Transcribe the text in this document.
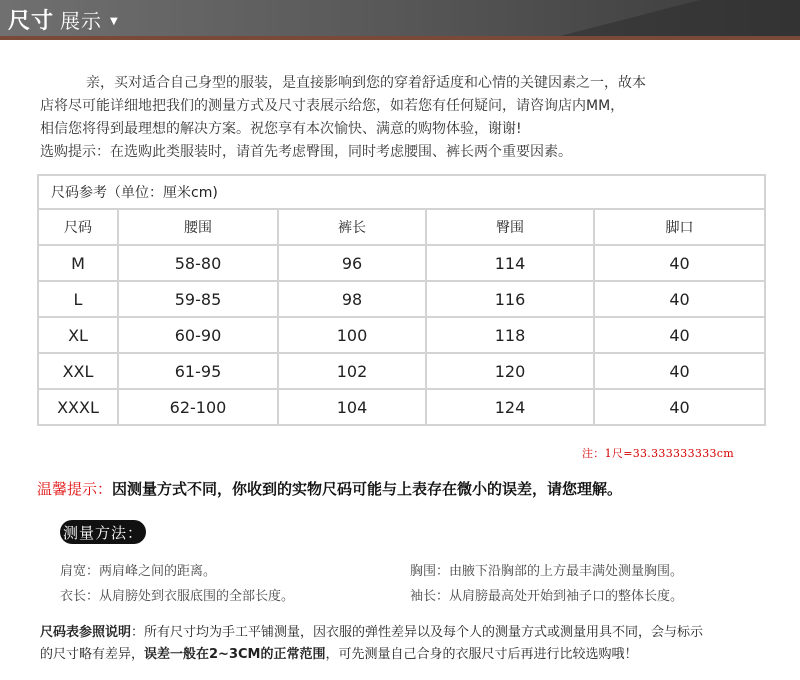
尺寸 展示 ▼

亲，买对适合自己身型的服装，是直接影响到您的穿着舒适度和心情的关键因素之一，故本

店将尽可能详细地把我们的测量方式及尺寸表展示给您，如若您有任何疑问，请咨询店内MM，

相信您将得到最理想的解决方案。祝您享有本次愉快、满意的购物体验，谢谢!

选购提示：在选购此类服装时，请首先考虑臀围，同时考虑腰围、裤长两个重要因素。

尺码参考（单位：厘米cm)				
尺码	腰围	裤长	臀围	脚口
M	58-80	96	114	40
L	59-85	98	116	40
XL	60-90	100	118	40
XXL	61-95	102	120	40
XXXL	62-100	104	124	40
注：1尺=33.333333333cm
温馨提示：因测量方式不同，你收到的实物尺码可能与上表存在微小的误差，请您理解。
测量方法：
肩宽：两肩峰之间的距离。
衣长：从肩膀处到衣服底围的全部长度。
胸围：由腋下沿胸部的上方最丰满处测量胸围。
袖长：从肩膀最高处开始到袖子口的整体长度。
尺码表参照说明：所有尺寸均为手工平铺测量，因衣服的弹性差异以及每个人的测量方式或测量用具不同，会与标示
的尺寸略有差异，误差一般在2~3CM的正常范围，可先测量自己合身的衣服尺寸后再进行比较选购哦！
